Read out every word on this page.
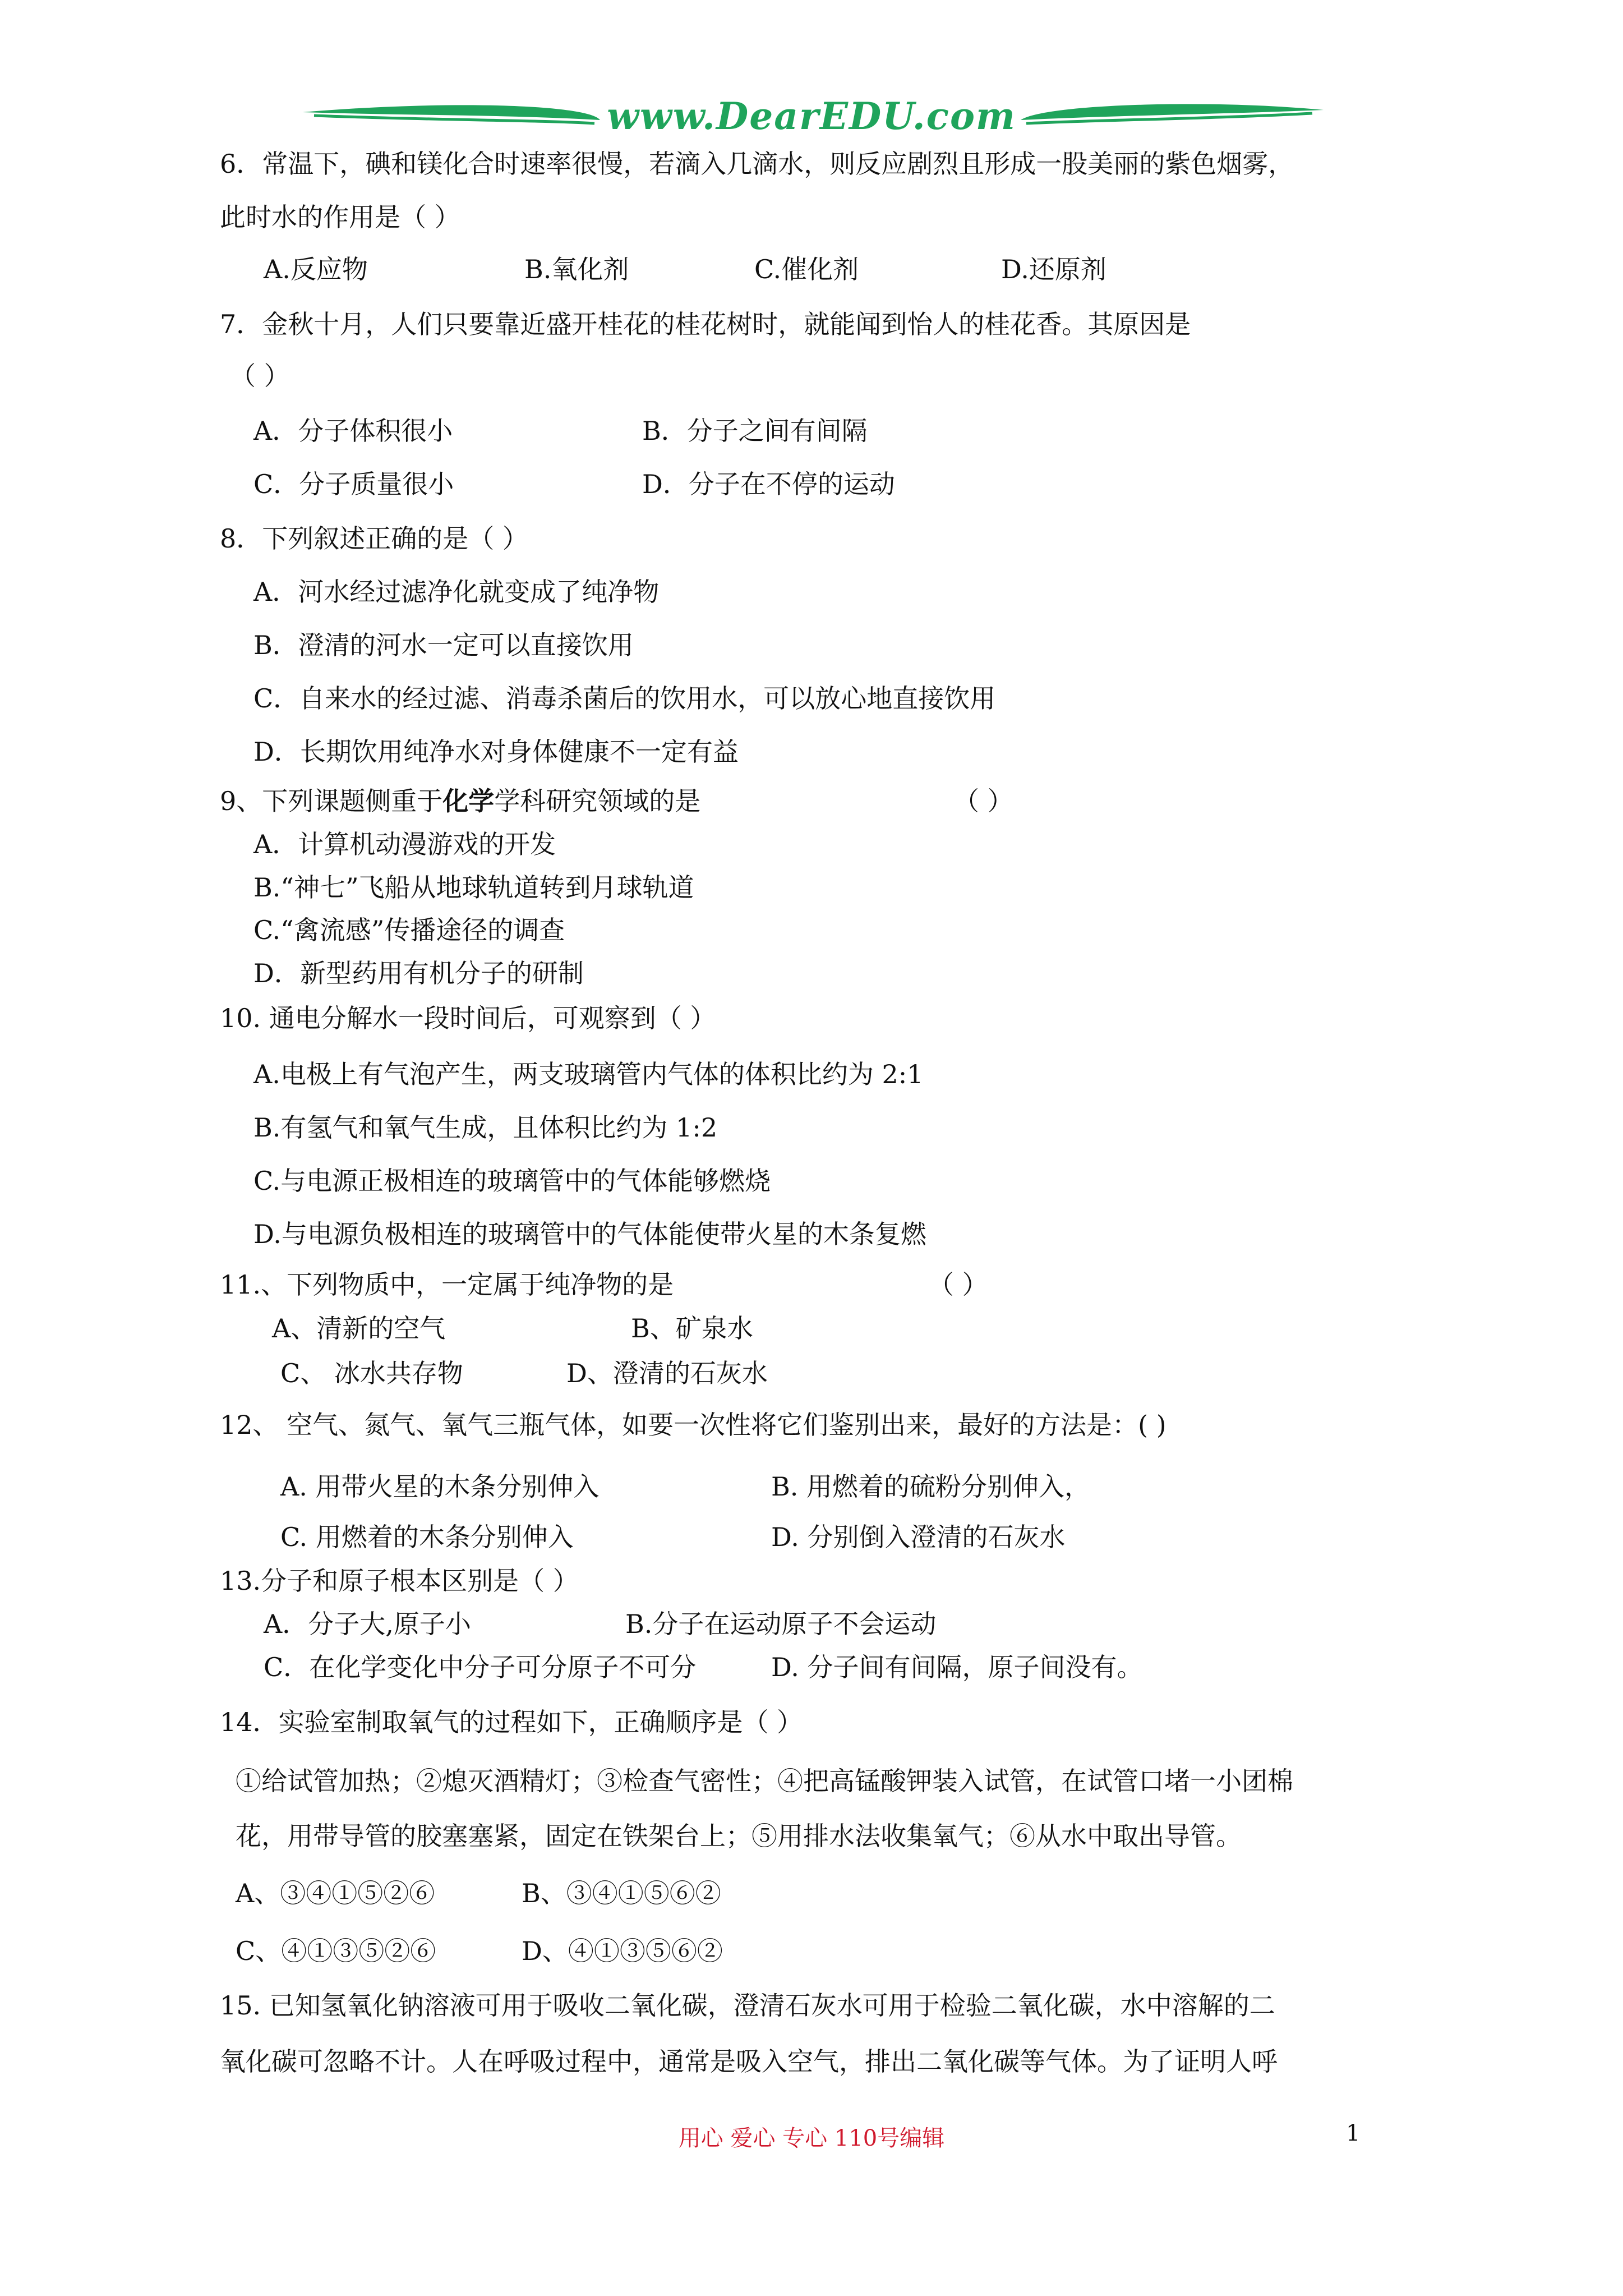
www.DearEDU.com
6．常温下，碘和镁化合时速率很慢，若滴入几滴水，则反应剧烈且形成一股美丽的紫色烟雾，
此时水的作用是（ ）
A.反应物	B.氧化剂	C.催化剂	D.还原剂
7．金秋十月，人们只要靠近盛开桂花的桂花树时，就能闻到怡人的桂花香。其原因是
（ ）
A．分子体积很小	B．分子之间有间隔
C．分子质量很小	D．分子在不停的运动
8．下列叙述正确的是（ ）
A．河水经过滤净化就变成了纯净物
B．澄清的河水一定可以直接饮用
C．自来水的经过滤、消毒杀菌后的饮用水，可以放心地直接饮用
D．长期饮用纯净水对身体健康不一定有益
9、下列课题侧重于化学学科研究领域的是	（ ）
A．计算机动漫游戏的开发
B.“神七”飞船从地球轨道转到月球轨道
C.“禽流感”传播途径的调查
D．新型药用有机分子的研制
10. 通电分解水一段时间后，可观察到（ ）
A.电极上有气泡产生，两支玻璃管内气体的体积比约为 2:1
B.有氢气和氧气生成，且体积比约为 1:2
C.与电源正极相连的玻璃管中的气体能够燃烧
D.与电源负极相连的玻璃管中的气体能使带火星的木条复燃
11.、下列物质中，一定属于纯净物的是	（ ）
A、清新的空气	B、矿泉水
C、 冰水共存物	D、澄清的石灰水
12、 空气、氮气、氧气三瓶气体，如要一次性将它们鉴别出来，最好的方法是：( )
A. 用带火星的木条分别伸入	B. 用燃着的硫粉分别伸入，
C. 用燃着的木条分别伸入	D. 分别倒入澄清的石灰水
13.分子和原子根本区别是（ ）
A．分子大,原子小	B.分子在运动原子不会运动
C．在化学变化中分子可分原子不可分	D. 分子间有间隔，原子间没有。
14．实验室制取氧气的过程如下，正确顺序是（ ）
①给试管加热；②熄灭酒精灯；③检查气密性；④把高锰酸钾装入试管，在试管口堵一小团棉
花，用带导管的胶塞塞紧，固定在铁架台上；⑤用排水法收集氧气；⑥从水中取出导管。
A、③④①⑤②⑥	B、③④①⑤⑥②
C、④①③⑤②⑥	D、④①③⑤⑥②
15. 已知氢氧化钠溶液可用于吸收二氧化碳，澄清石灰水可用于检验二氧化碳，水中溶解的二
氧化碳可忽略不计。人在呼吸过程中，通常是吸入空气，排出二氧化碳等气体。为了证明人呼
用心 爱心 专心 110号编辑	1
